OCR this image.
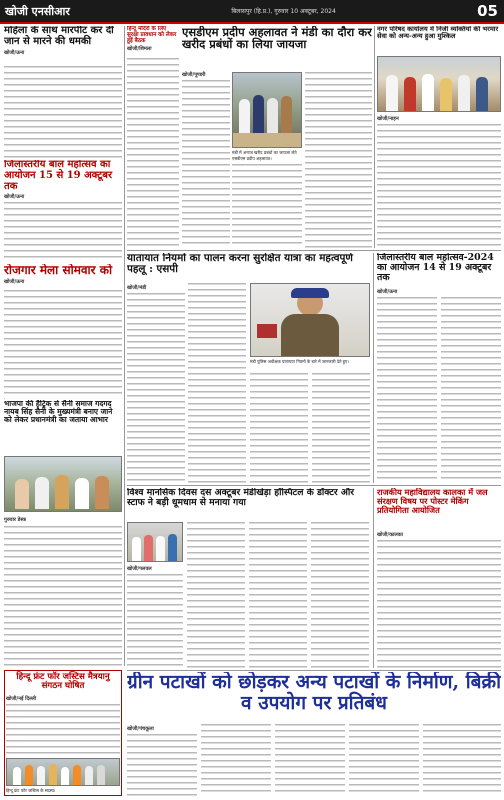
खोजी एनसीआर	बिलासपुर (हि.प्र.), गुरुवार 10 अक्टूबर, 2024	05
महिला के साथ मारपीट कर दी जान से मारने की धमकी
खोजी/ऊना
जिलास्तरीय बाल महोत्सव का आयोजन 15 से 19 अक्टूबर तक
खोजी/ऊना
रोजगार मेला सोमवार को
खोजी/ऊना
भाजपा की हैट्रिक से सैनी समाज गदगद नायब सिंह सैनी के मुख्यमंत्री बनाए जाने को लेकर प्रधानमंत्री का जताया आभार
गुरुवार डेस्क
हिन्दू मंदिरों के लिए सुरक्षा प्रावधान को लेकर हुई बैठक
खोजी/शिमला
एसडीएम प्रदीप अहलावत ने मंडी का दौरा कर खरीद प्रबंधों का लिया जायजा
खोजी/पूण्डरी
मंडी में अनाज खरीद प्रबंधों का जायजा लेते एसडीएम प्रदीप अहलावत।
नगर परिषद कार्यालय में निजी व्यक्तियों की भरमार सेवा को अन्य-अन्य हुआ मुश्किल
खोजी/नाहन
यातायात नियमों का पालन करना सुरक्षित यात्रा का महत्वपूर्ण पहलू : एसपी
खोजी/मंडी
मंडी पुलिस अधीक्षक यातायात नियमों के बारे में जानकारी देते हुए।
जिलास्तरीय बाल महोत्सव-2024 का आयोजन 14 से 19 अक्टूबर तक
खोजी/ऊना
विश्व मानसिक दिवस दस अक्टूबर मंडीखेड़ा हॉस्पिटल के डॉक्टर और स्टाफ ने बड़ी धूमधाम से मनाया गया
खोजी/पलवल
राजकीय महाविद्यालय कालका में जल संरक्षण विषय पर पोस्टर मेकिंग प्रतियोगिता आयोजित
खोजी/कालका
हिन्दू फ्रंट फॉर जस्टिस मैत्रयानु संगठन घोषित
खोजी/नई दिल्ली
हिन्दू फ्रंट फॉर जस्टिस के सदस्य।
ग्रीन पटाखों को छोड़कर अन्य पटाखों के निर्माण, बिक्री व उपयोग पर प्रतिबंध
खोजी/पंचकूला
